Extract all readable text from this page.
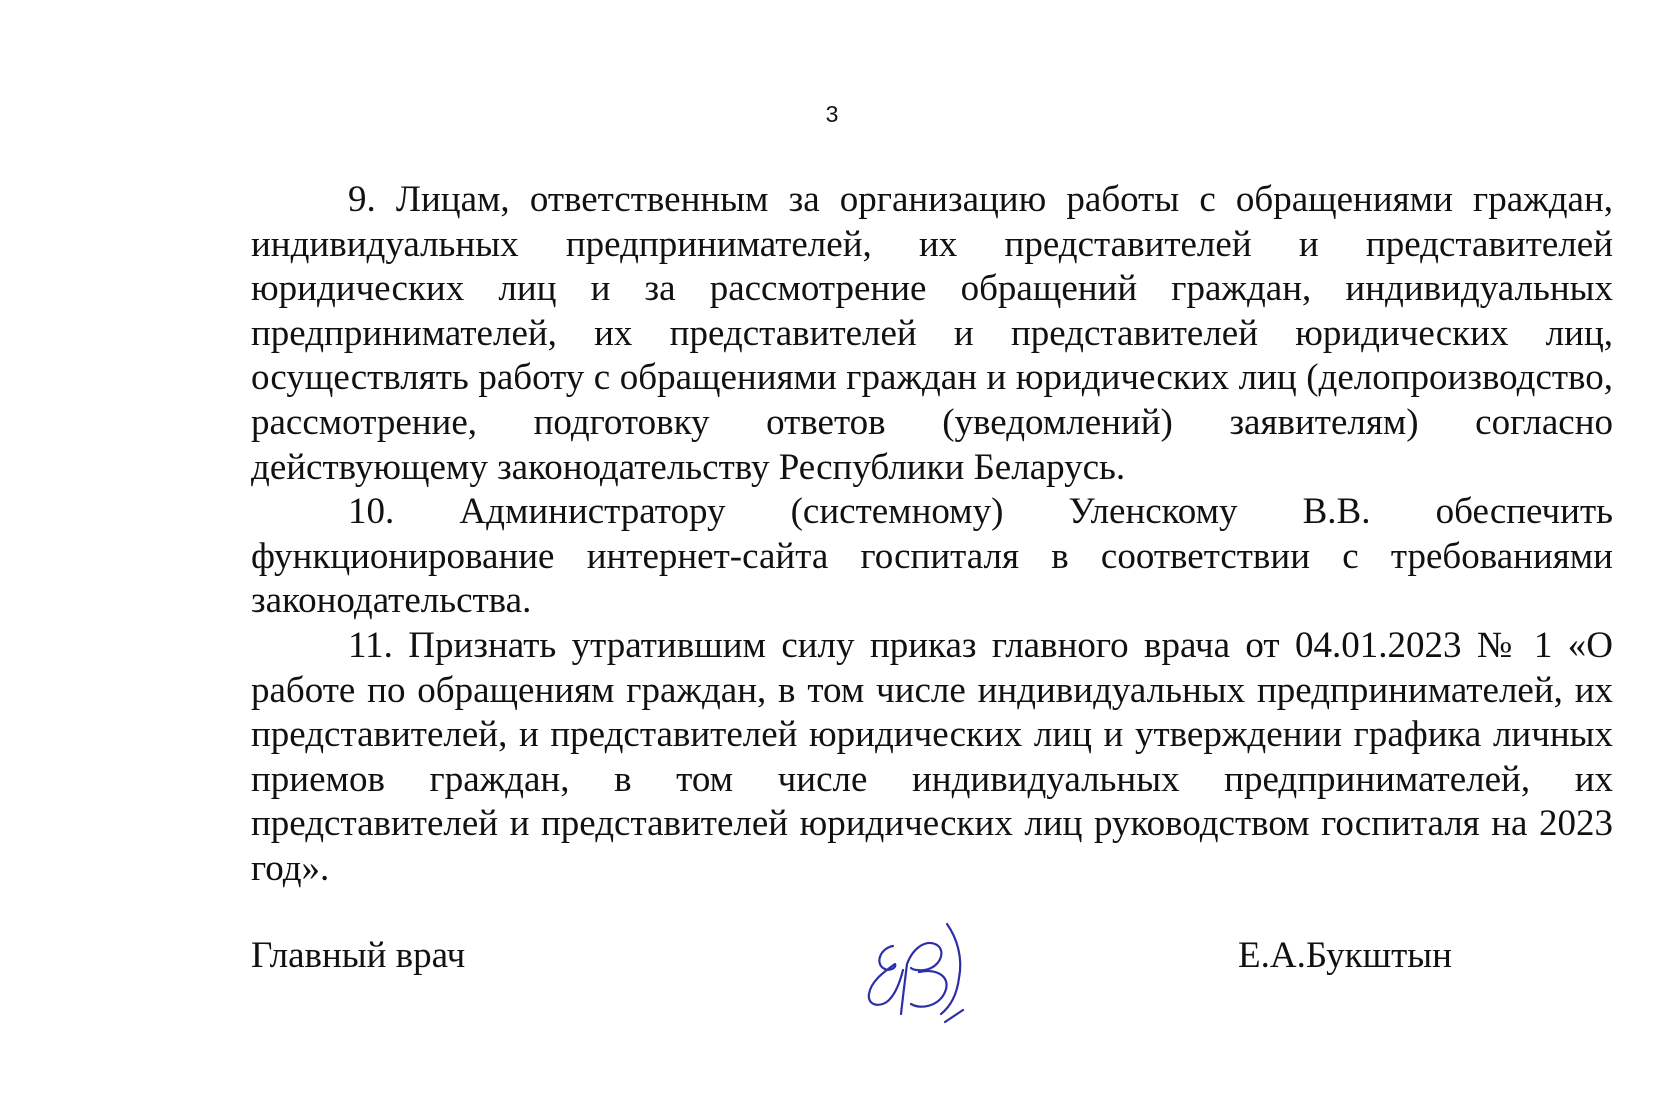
3

9. Лицам, ответственным за организацию работы с обращениями граждан, индивидуальных предпринимателей, их представителей и представителей юридических лиц и за рассмотрение обращений граждан, индивидуальных предпринимателей, их представителей и представителей юридических лиц, осуществлять работу с обращениями граждан и юридических лиц (делопроизводство, рассмотрение, подготовку ответов (уведомлений) заявителям) согласно действующему законодательству Республики Беларусь.

10. Администратору (системному) Уленскому В.В. обеспечить функционирование интернет-сайта госпиталя в соответствии с требованиями законодательства.

11. Признать утратившим силу приказ главного врача от 04.01.2023 № 1 «О работе по обращениям граждан, в том числе индивидуальных предпринимателей, их представителей, и представителей юридических лиц и утверждении графика личных приемов граждан, в том числе индивидуальных предпринимателей, их представителей и представителей юридических лиц руководством госпиталя на 2023 год».

Главный врач	Е.А.Букштын
